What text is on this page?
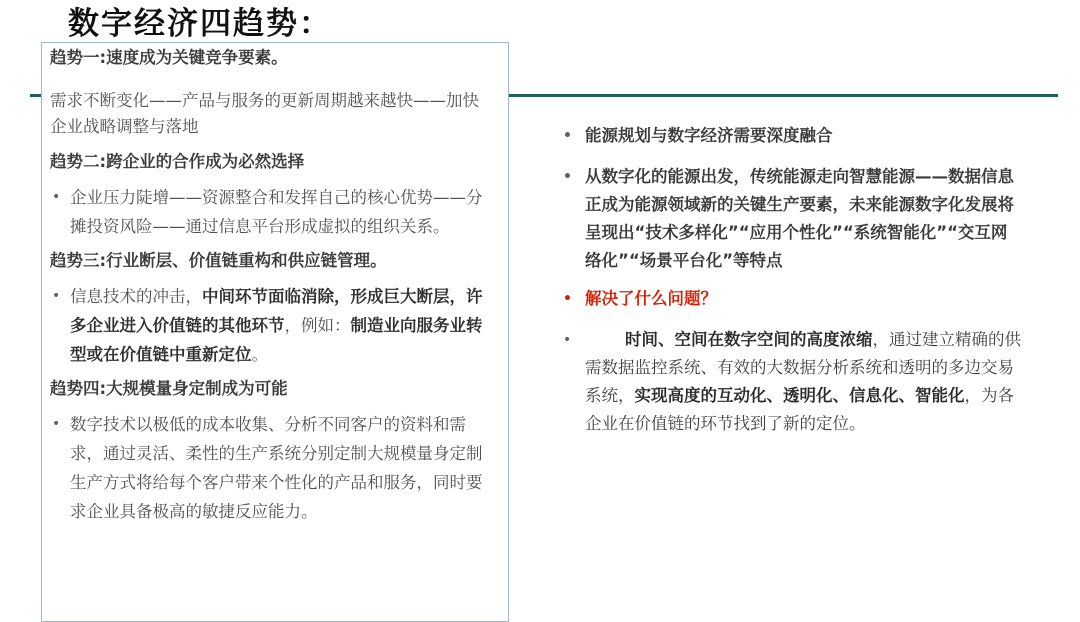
数字经济四趋势：
趋势一:速度成为关键竞争要素。
需求不断变化——产品与服务的更新周期越来越快——加快企业战略调整与落地
趋势二:跨企业的合作成为必然选择
• 企业压力陡增——资源整合和发挥自己的核心优势——分摊投资风险——通过信息平台形成虚拟的组织关系。
趋势三:行业断层、价值链重构和供应链管理。
• 信息技术的冲击，中间环节面临消除，形成巨大断层，许多企业进入价值链的其他环节，例如：制造业向服务业转型或在价值链中重新定位。
趋势四:大规模量身定制成为可能
• 数字技术以极低的成本收集、分析不同客户的资料和需求，通过灵活、柔性的生产系统分别定制大规模量身定制生产方式将给每个客户带来个性化的产品和服务，同时要求企业具备极高的敏捷反应能力。
• 能源规划与数字经济需要深度融合
• 从数字化的能源出发，传统能源走向智慧能源——数据信息正成为能源领域新的关键生产要素，未来能源数字化发展将呈现出“技术多样化”“应用个性化”“系统智能化”“交互网络化”“场景平台化”等特点
• 解决了什么问题？
•	时间、空间在数字空间的高度浓缩，通过建立精确的供需数据监控系统、有效的大数据分析系统和透明的多边交易系统，实现高度的互动化、透明化、信息化、智能化，为各企业在价值链的环节找到了新的定位。
